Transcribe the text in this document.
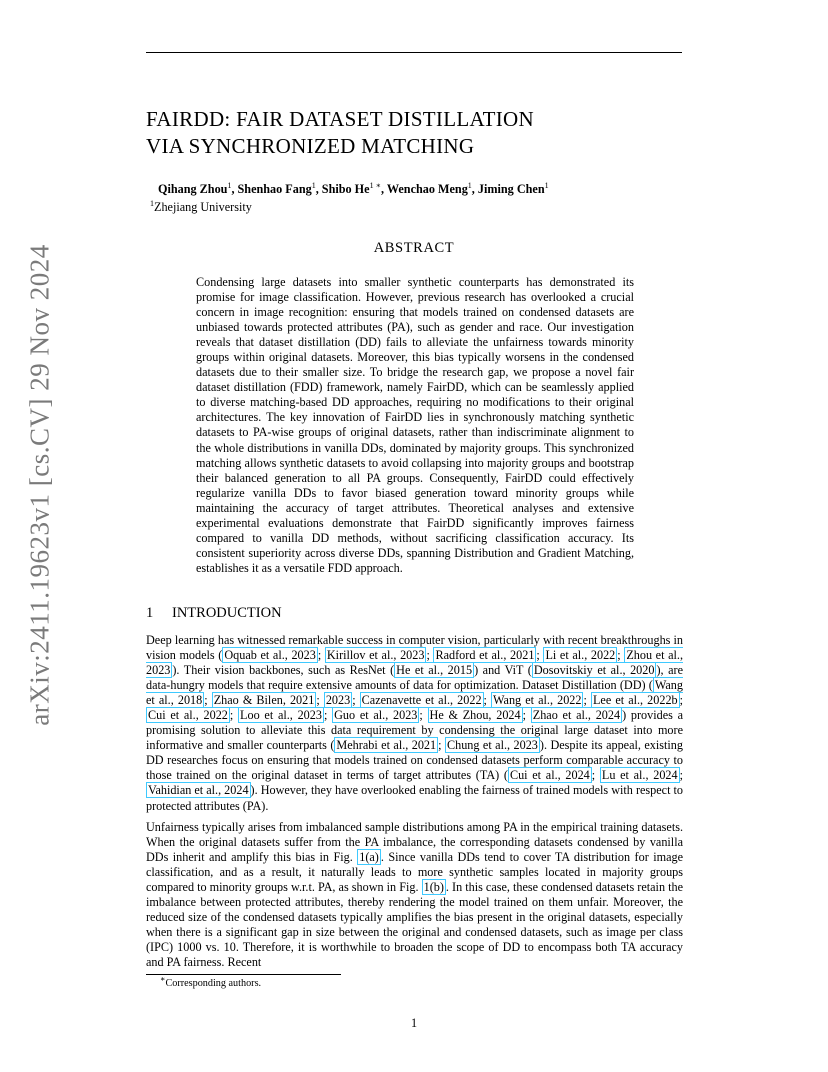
arXiv:2411.19623v1 [cs.CV] 29 Nov 2024
FAIRDD: FAIR DATASET DISTILLATION
VIA SYNCHRONIZED MATCHING
Qihang Zhou$^1$, Shenhao Fang$^1$, Shibo $He^{1 ∗}$, Wenchao Meng$^1$, Jiming Chen$^1$
$^1$Zhejiang University
ABSTRACT
Condensing large datasets into smaller synthetic counterparts has demonstrated its promise for image classification. However, previous research has overlooked a crucial concern in image recognition: ensuring that models trained on condensed datasets are unbiased towards protected attributes (PA), such as gender and race. Our investigation reveals that dataset distillation (DD) fails to alleviate the unfairness towards minority groups within original datasets. Moreover, this bias typically worsens in the condensed datasets due to their smaller size. To bridge the research gap, we propose a novel fair dataset distillation (FDD) framework, namely FairDD, which can be seamlessly applied to diverse matching-based DD approaches, requiring no modifications to their original architectures. The key innovation of FairDD lies in synchronously matching synthetic datasets to PA-wise groups of original datasets, rather than indiscriminate alignment to the whole distributions in vanilla DDs, dominated by majority groups. This synchronized matching allows synthetic datasets to avoid collapsing into majority groups and bootstrap their balanced generation to all PA groups. Consequently, FairDD could effectively regularize vanilla DDs to favor biased generation toward minority groups while maintaining the accuracy of target attributes. Theoretical analyses and extensive experimental evaluations demonstrate that FairDD significantly improves fairness compared to vanilla DD methods, without sacrificing classification accuracy. Its consistent superiority across diverse DDs, spanning Distribution and Gradient Matching, establishes it as a versatile FDD approach.
1 INTRODUCTION
Deep learning has witnessed remarkable success in computer vision, particularly with recent breakthroughs in vision models ( Oquab et al., 2023 ; Kirillov et al., 2023 ; Radford et al., 2021 ; Li et al., 2022 ; Zhou et al., 2023 ). Their vision backbones, such as ResNet ( He et al., 2015 ) and ViT ( Dosovitskiy et al., 2020 ), are data-hungry models that require extensive amounts of data for optimization. Dataset Distillation (DD) ( Wang et al., 2018 ; Zhao & Bilen, 2021 ; 2023 ; Cazenavette et al., 2022 ; Wang et al., 2022 ; Lee et al., 2022b ; Cui et al., 2022 ; Loo et al., 2023 ; Guo et al., 2023 ; He & Zhou, 2024 ; Zhao et al., 2024 ) provides a promising solution to alleviate this data requirement by condensing the original large dataset into more informative and smaller counterparts ( Mehrabi et al., 2021 ; Chung et al., 2023 ). Despite its appeal, existing DD researches focus on ensuring that models trained on condensed datasets perform comparable accuracy to those trained on the original dataset in terms of target attributes (TA) ( Cui et al., 2024 ; Lu et al., 2024 ; Vahidian et al., 2024 ). However, they have overlooked enabling the fairness of trained models with respect to protected attributes (PA).
Unfairness typically arises from imbalanced sample distributions among PA in the empirical training datasets. When the original datasets suffer from the PA imbalance, the corresponding datasets condensed by vanilla DDs inherit and amplify this bias in Fig. 1(a) . Since vanilla DDs tend to cover TA distribution for image classification, and as a result, it naturally leads to more synthetic samples located in majority groups compared to minority groups w.r.t. PA, as shown in Fig. 1(b) . In this case, these condensed datasets retain the imbalance between protected attributes, thereby rendering the model trained on them unfair. Moreover, the reduced size of the condensed datasets typically amplifies the bias present in the original datasets, especially when there is a significant gap in size between the original and condensed datasets, such as image per class (IPC) 1000 vs. 10. Therefore, it is worthwhile to broaden the scope of DD to encompass both TA accuracy and PA fairness. Recent
∗Corresponding authors.
1
